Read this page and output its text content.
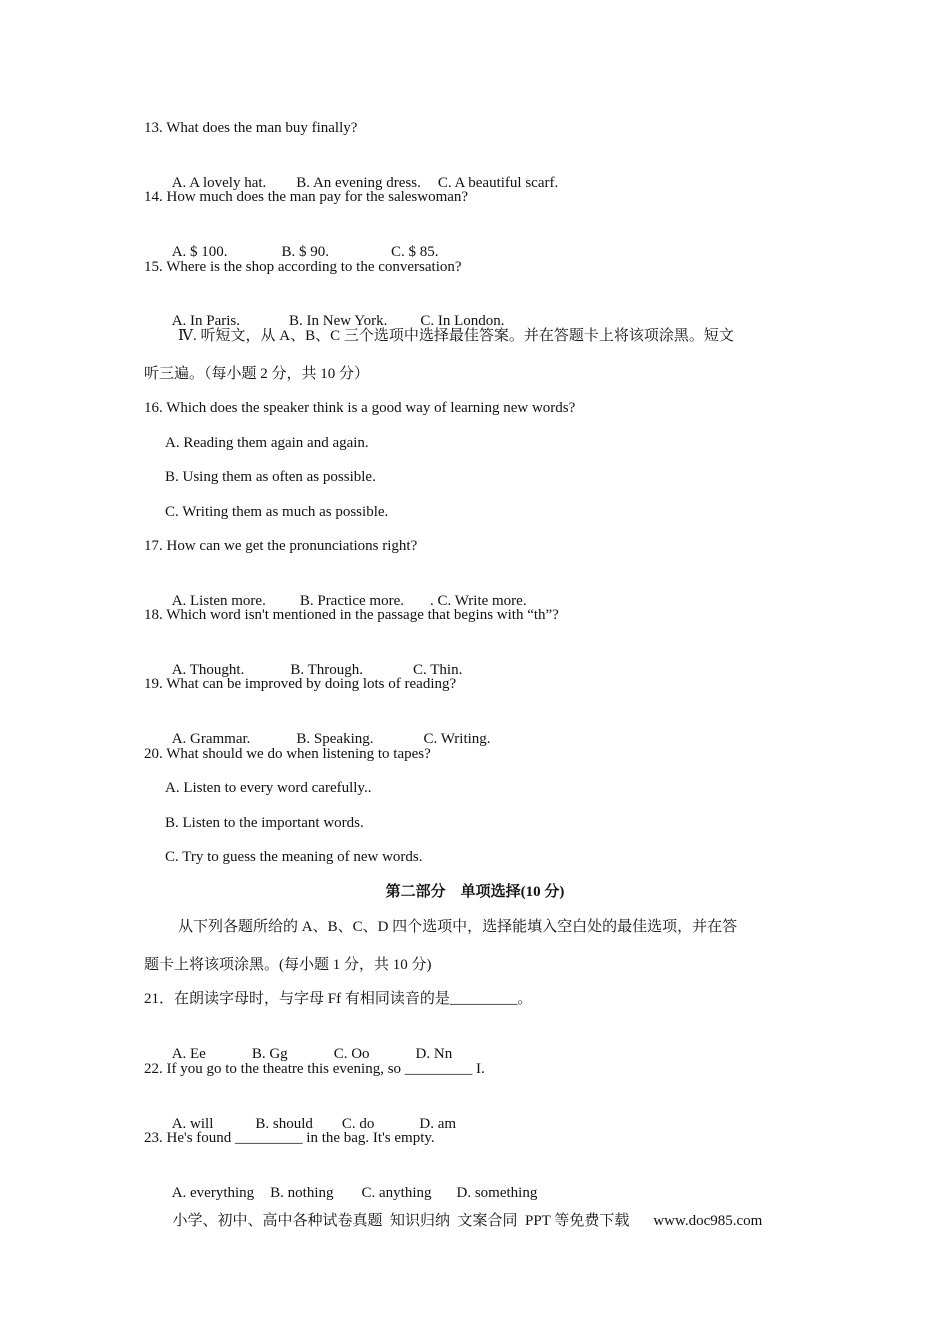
13. What does the man buy finally?

A. A lovely hat. B. An evening dress. C. A beautiful scarf.

14. How much does the man pay for the saleswoman?

A. $ 100.	B. $ 90.	C. $ 85.

15. Where is the shop according to the conversation?

A. In Paris.	B. In New York. C. In London.

Ⅳ. 听短文，从 A、B、C 三个选项中选择最佳答案。并在答题卡上将该项涂黑。短文
听三遍。（每小题 2 分，共 10 分）
16. Which does the speaker think is a good way of learning new words?
A. Reading them again and again.
B. Using them as often as possible.
C. Writing them as much as possible.
17. How can we get the pronunciations right?

A. Listen more. B. Practice more. . C. Write more.

18. Which word isn't mentioned in the passage that begins with “th”?

A. Thought.	B. Through.	C. Thin.

19. What can be improved by doing lots of reading?

A. Grammar.	B. Speaking.	C. Writing.

20. What should we do when listening to tapes?
A. Listen to every word carefully..
B. Listen to the important words.
C. Try to guess the meaning of new words.
第二部分　单项选择(10 分)
从下列各题所给的 A、B、C、D 四个选项中，选择能填入空白处的最佳选项，并在答
题卡上将该项涂黑。(每小题 1 分，共 10 分)
21．在朗读字母时，与字母 Ff 有相同读音的是_________。

A. Ee	B. Gg	C. Oo	D. Nn

22. If you go to the theatre this evening, so _________ I.

A. will	B. should C. do	D. am

23. He's found _________ in the bag. It's empty.

A. everything B. nothing C. anything D. something

小学、初中、高中各种试卷真题  知识归纳  文案合同  PPT 等免费下载 www.doc985.com
